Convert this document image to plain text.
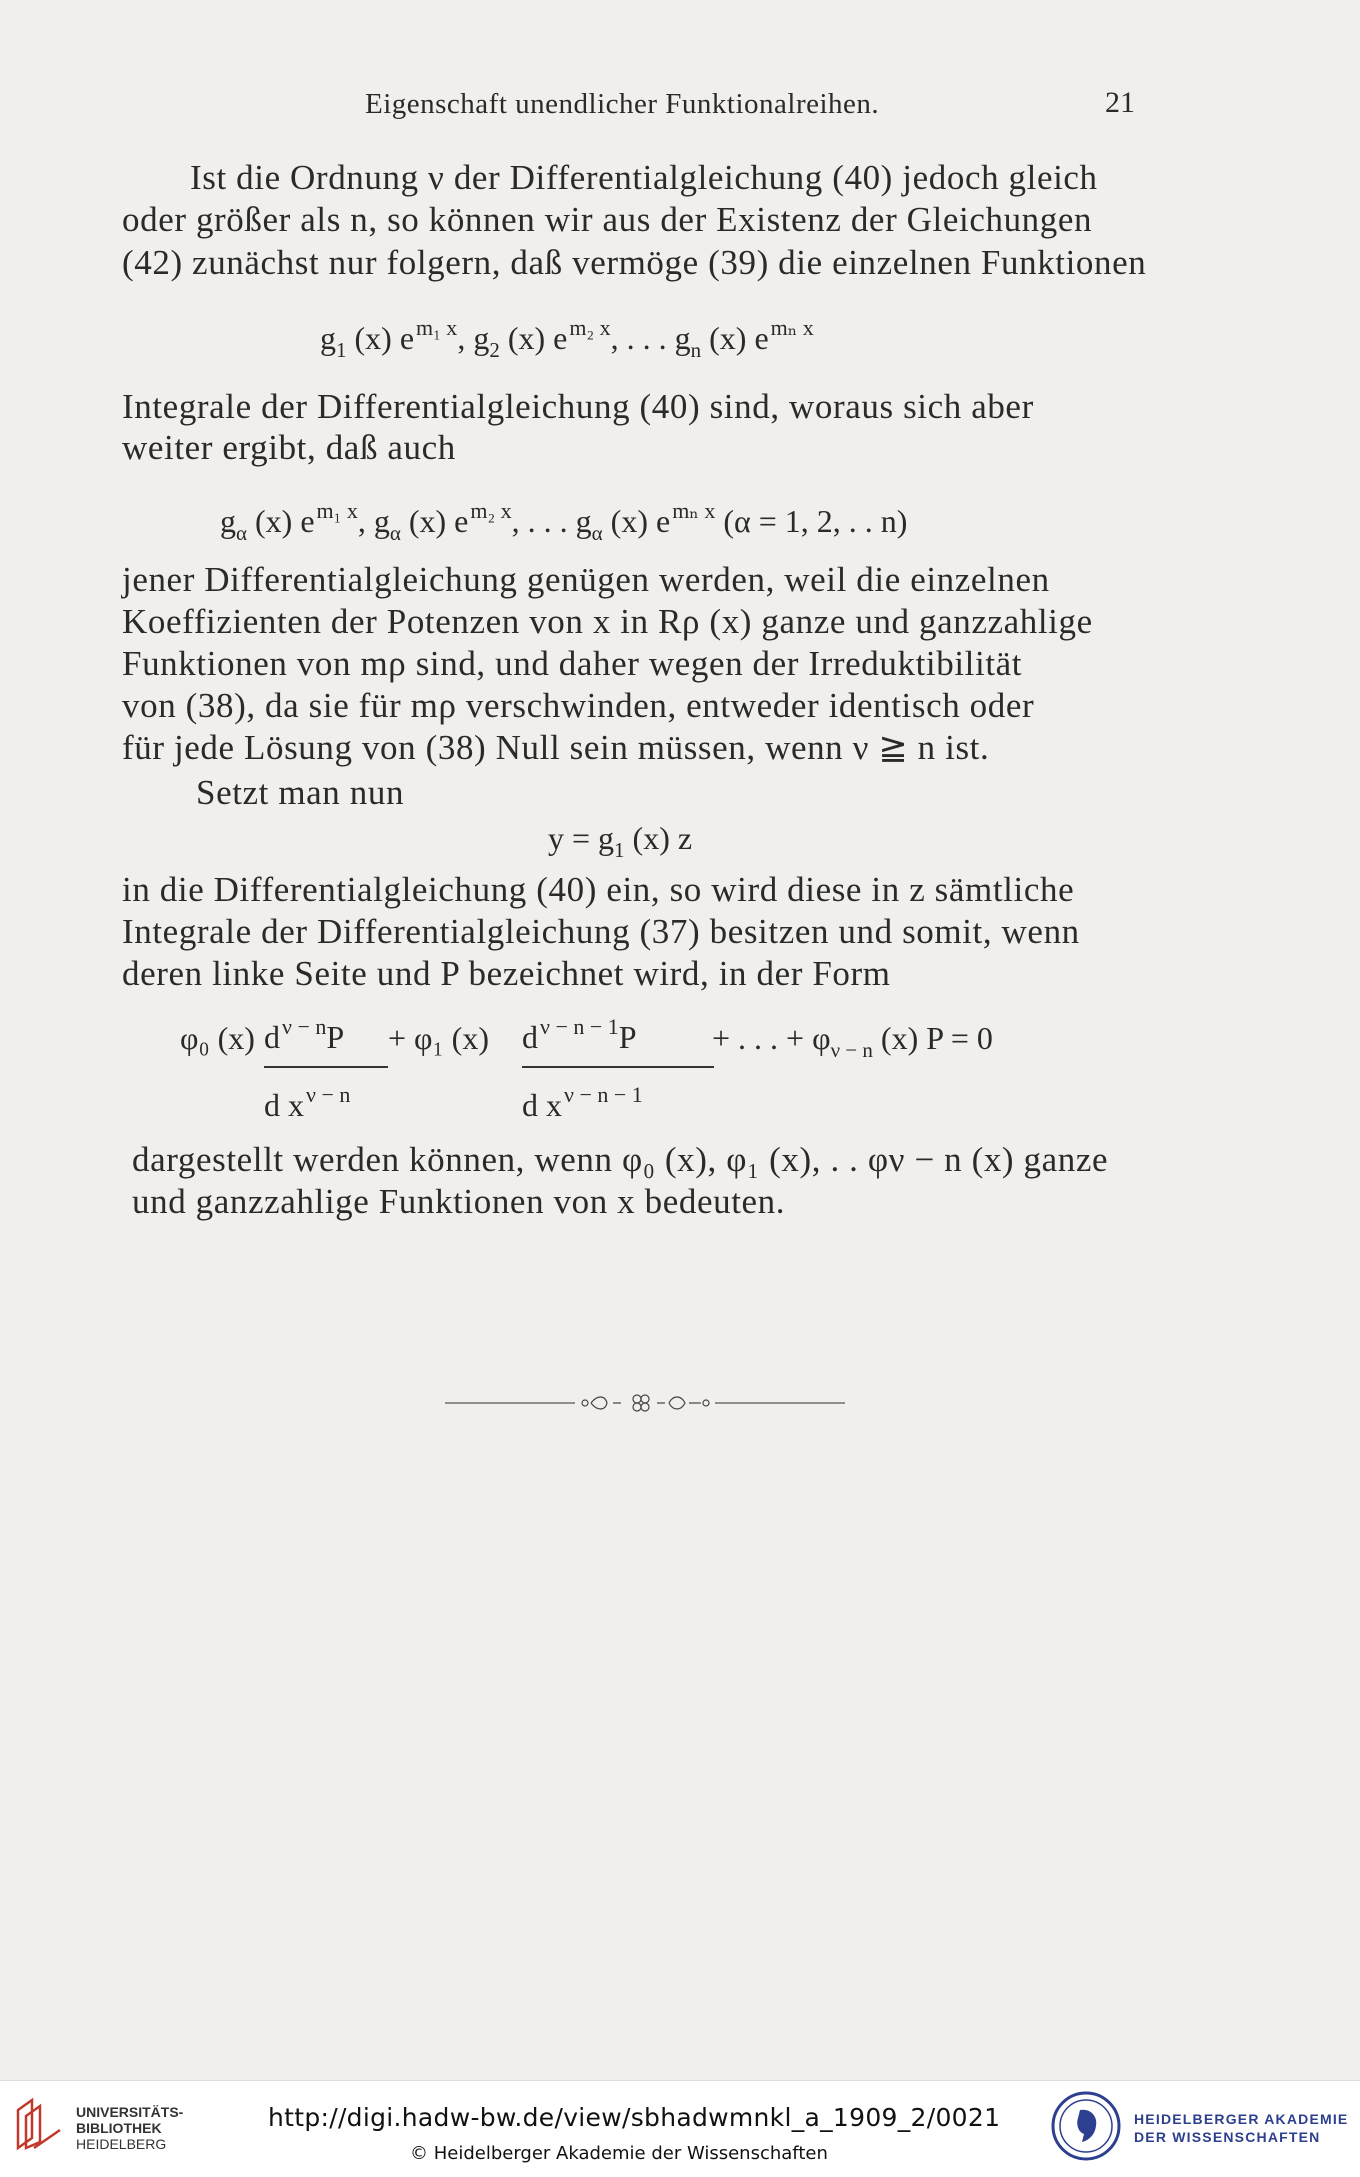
Eigenschaft unendlicher Funktionalreihen.	21
Ist die Ordnung ν der Differentialgleichung (40) jedoch gleich
oder größer als n, so können wir aus der Existenz der Gleichungen
(42) zunächst nur folgern, daß vermöge (39) die einzelnen Funktionen
$g_1$ (x) $e^{m_1 x}$, $g_2$ (x) $e^{m_2 x}$, . . . $g_n$ (x) $e^{m_n x}$
Integrale der Differentialgleichung (40) sind, woraus sich aber
weiter ergibt, daß auch
$g_\alpha$ (x) $e^{m_1 x}$, $g_\alpha$ (x) $e^{m_2 x}$, . . . $g_\alpha$ (x) $e^{m_n x}$ (α = 1, 2, . . n)
jener Differentialgleichung genügen werden, weil die einzelnen
Koeffizienten der Potenzen von x in Rρ (x) ganze und ganzzahlige
Funktionen von mρ sind, und daher wegen der Irreduktibilität
von (38), da sie für mρ verschwinden, entweder identisch oder
für jede Lösung von (38) Null sein müssen, wenn ν ≧ n ist.
Setzt man nun
$y = g_1$ (x) z
in die Differentialgleichung (40) ein, so wird diese in z sämtliche
Integrale der Differentialgleichung (37) besitzen und somit, wenn
deren linke Seite und P bezeichnet wird, in der Form
φ₀ (x) $d^{\nu - n}P$
d $x^{\nu - n}$
+ φ₁ (x) $d^{\nu - n - 1}P$
d $x^{\nu - n - 1}$
+ . . . + $\varphi_{\nu - n}$ (x) P = 0
dargestellt werden können, wenn φ₀ (x), φ₁ (x), . . φν − n (x) ganze
und ganzzahlige Funktionen von x bedeuten.
UNIVERSITÄTS-
BIBLIOTHEK
HEIDELBERG
http://digi.hadw-bw.de/view/sbhadwmnkl_a_1909_2/0021
© Heidelberger Akademie der Wissenschaften
HEIDELBERGER AKADEMIE
DER WISSENSCHAFTEN
